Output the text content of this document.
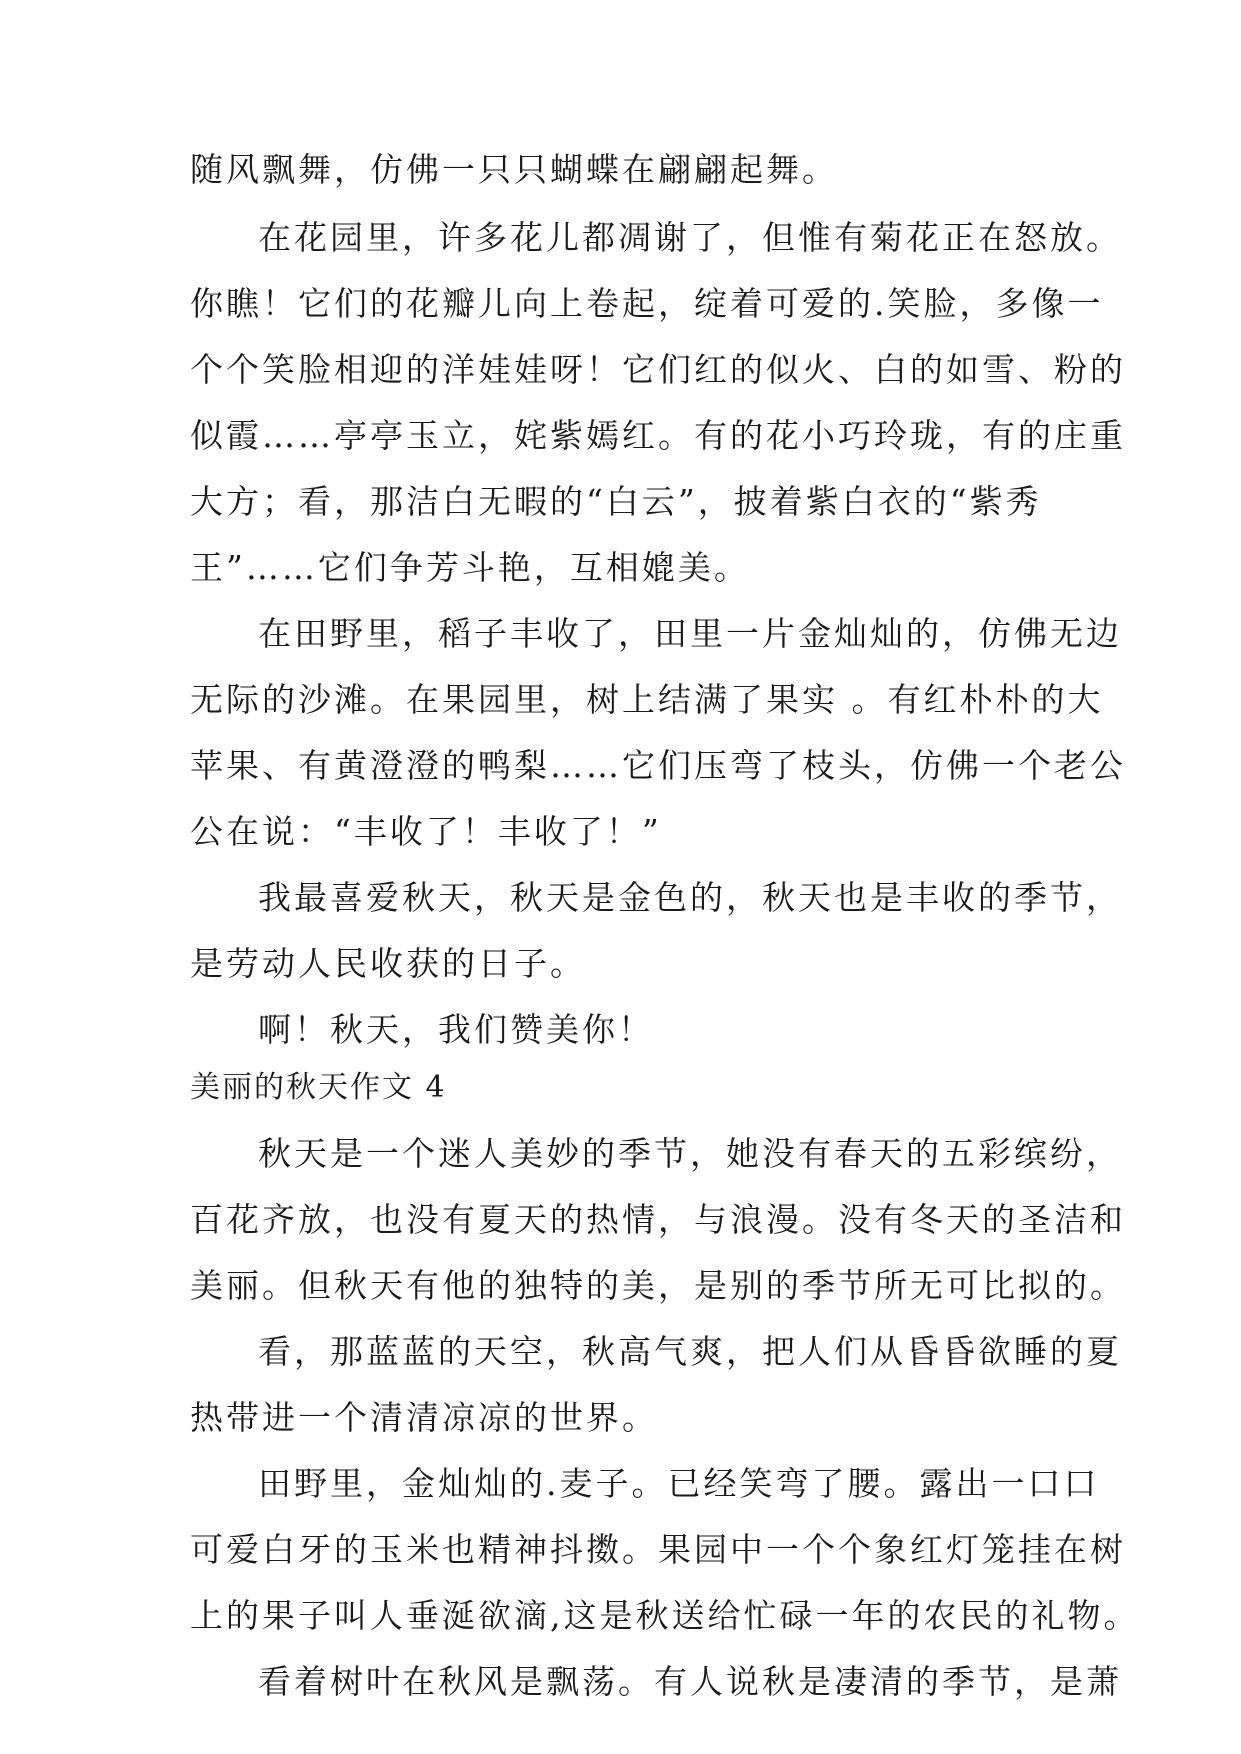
随风飘舞，仿佛一只只蝴蝶在翩翩起舞。
在花园里，许多花儿都凋谢了，但惟有菊花正在怒放。
你瞧！它们的花瓣儿向上卷起，绽着可爱的.笑脸，多像一
个个笑脸相迎的洋娃娃呀！它们红的似火、白的如雪、粉的
似霞……亭亭玉立，姹紫嫣红。有的花小巧玲珑，有的庄重
大方；看，那洁白无暇的“白云”，披着紫白衣的“紫秀
王”……它们争芳斗艳，互相媲美。
在田野里，稻子丰收了，田里一片金灿灿的，仿佛无边
无际的沙滩。在果园里，树上结满了果实 。有红朴朴的大
苹果、有黄澄澄的鸭梨……它们压弯了枝头，仿佛一个老公
公在说：“丰收了！丰收了！”
我最喜爱秋天，秋天是金色的，秋天也是丰收的季节，
是劳动人民收获的日子。
啊！秋天，我们赞美你！
美丽的秋天作文 4
秋天是一个迷人美妙的季节，她没有春天的五彩缤纷，
百花齐放，也没有夏天的热情，与浪漫。没有冬天的圣洁和
美丽。但秋天有他的独特的美，是别的季节所无可比拟的。
看，那蓝蓝的天空，秋高气爽，把人们从昏昏欲睡的夏
热带进一个清清凉凉的世界。
田野里，金灿灿的.麦子。已经笑弯了腰。露出一口口
可爱白牙的玉米也精神抖擞。果园中一个个象红灯笼挂在树
上的果子叫人垂涎欲滴,这是秋送给忙碌一年的农民的礼物。
看着树叶在秋风是飘荡。有人说秋是凄清的季节，是萧
